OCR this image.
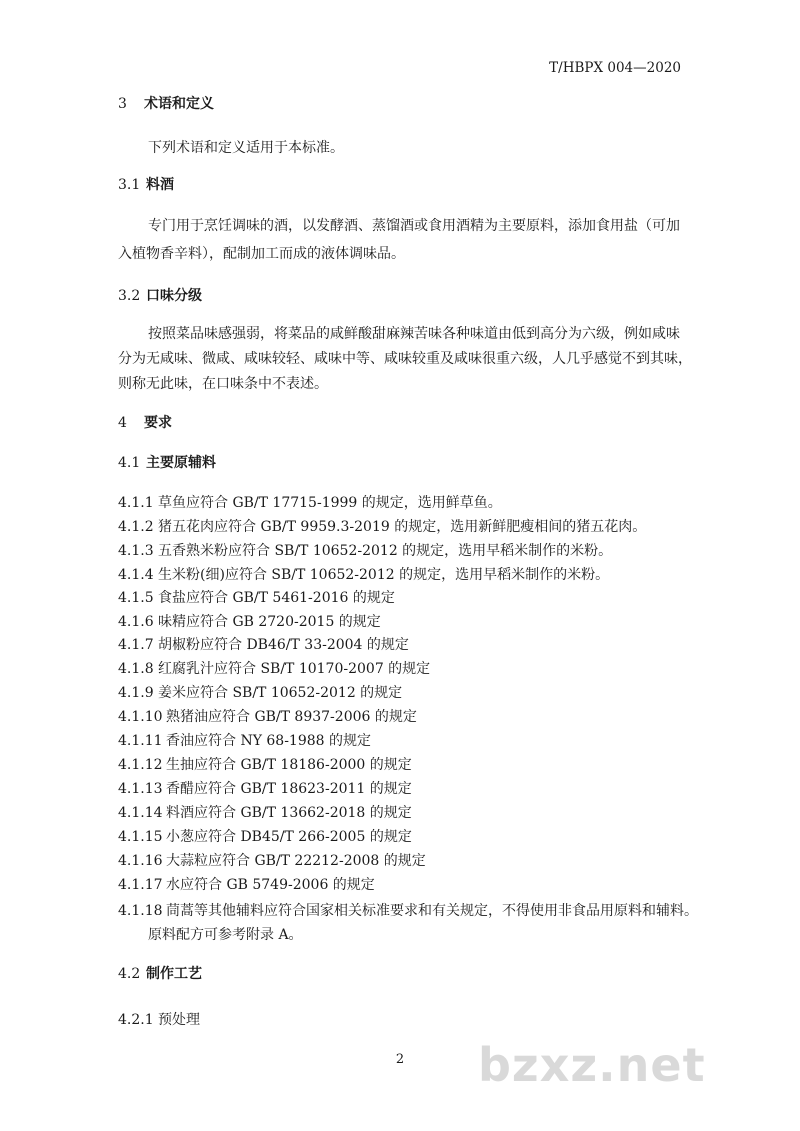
T/HBPX 004—2020
3 术语和定义
下列术语和定义适用于本标准。
3.1 料酒
专门用于烹饪调味的酒，以发酵酒、蒸馏酒或食用酒精为主要原料，添加食用盐（可加
入植物香辛料），配制加工而成的液体调味品。
3.2 口味分级
按照菜品味感强弱，将菜品的咸鲜酸甜麻辣苦味各种味道由低到高分为六级，例如咸味
分为无咸味、微咸、咸味较轻、咸味中等、咸味较重及咸味很重六级，人几乎感觉不到其味，
则称无此味，在口味条中不表述。
4 要求
4.1 主要原辅料
4.1.1 草鱼应符合 GB/T 17715-1999 的规定，选用鲜草鱼。
4.1.2 猪五花肉应符合 GB/T 9959.3-2019 的规定，选用新鲜肥瘦相间的猪五花肉。
4.1.3 五香熟米粉应符合 SB/T 10652-2012 的规定，选用早稻米制作的米粉。
4.1.4 生米粉(细)应符合 SB/T 10652-2012 的规定，选用早稻米制作的米粉。
4.1.5 食盐应符合 GB/T 5461-2016 的规定
4.1.6 味精应符合 GB 2720-2015 的规定
4.1.7 胡椒粉应符合 DB46/T 33-2004 的规定
4.1.8 红腐乳汁应符合 SB/T 10170-2007 的规定
4.1.9 姜米应符合 SB/T 10652-2012 的规定
4.1.10 熟猪油应符合 GB/T 8937-2006 的规定
4.1.11 香油应符合 NY 68-1988 的规定
4.1.12 生抽应符合 GB/T 18186-2000 的规定
4.1.13 香醋应符合 GB/T 18623-2011 的规定
4.1.14 料酒应符合 GB/T 13662-2018 的规定
4.1.15 小葱应符合 DB45/T 266-2005 的规定
4.1.16 大蒜粒应符合 GB/T 22212-2008 的规定
4.1.17 水应符合 GB 5749-2006 的规定
4.1.18 茼蒿等其他辅料应符合国家相关标准要求和有关规定，不得使用非食品用原料和辅料。
原料配方可参考附录 A。
4.2 制作工艺
4.2.1 预处理
2	bzxz.net
